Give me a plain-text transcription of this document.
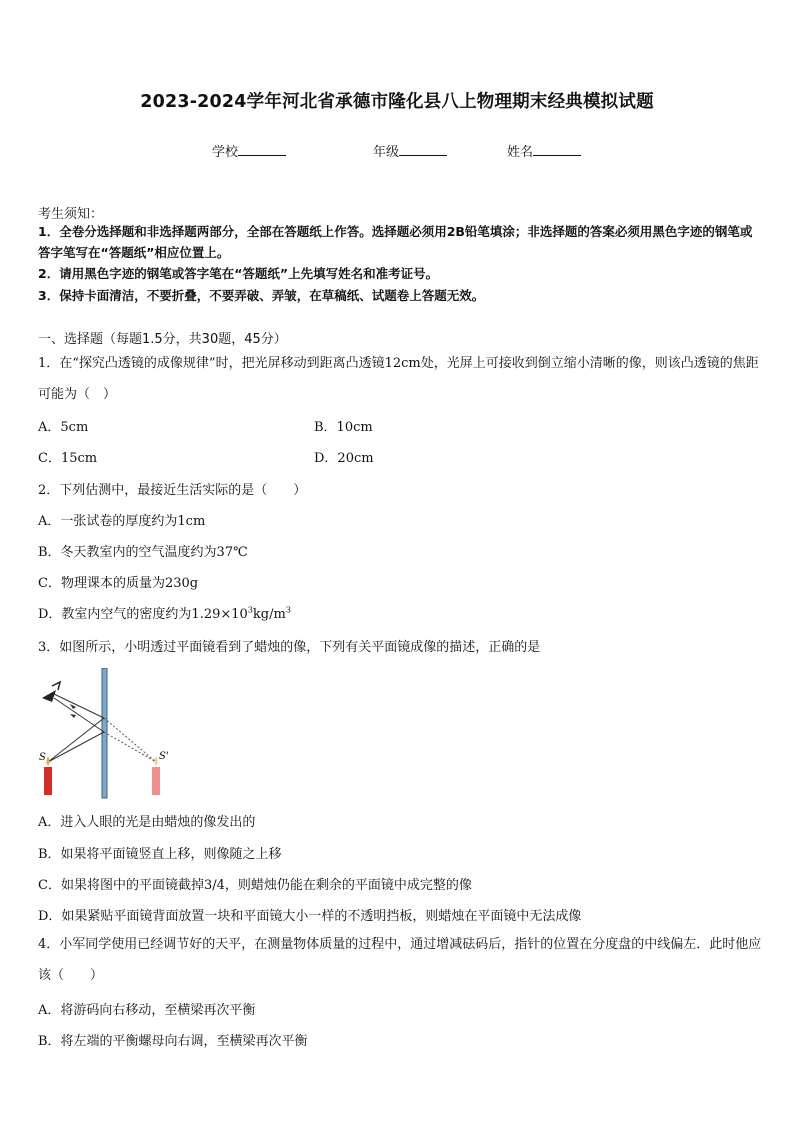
2023-2024学年河北省承德市隆化县八上物理期末经典模拟试题
学校	年级	姓名
考生须知：
1．全卷分选择题和非选择题两部分，全部在答题纸上作答。选择题必须用2B铅笔填涂；非选择题的答案必须用黑色字迹的钢笔或答字笔写在“答题纸”相应位置上。
2．请用黑色字迹的钢笔或答字笔在“答题纸”上先填写姓名和准考证号。
3．保持卡面清洁，不要折叠，不要弄破、弄皱，在草稿纸、试题卷上答题无效。
一、选择题（每题1.5分，共30题，45分）
1．在“探究凸透镜的成像规律”时，把光屏移动到距离凸透镜12cm处，光屏上可接收到倒立缩小清晰的像，则该凸透镜的焦距可能为（　）
A．5cm	B．10cm
C．15cm	D．20cm
2．下列估测中，最接近生活实际的是（　　）
A．一张试卷的厚度约为1cm
B．冬天教室内的空气温度约为37℃
C．物理课本的质量为230g
D．教室内空气的密度约为$1.29\times 10^3kg/m^3$
3．如图所示，小明透过平面镜看到了蜡烛的像，下列有关平面镜成像的描述，正确的是
S	S'
A．进入人眼的光是由蜡烛的像发出的
B．如果将平面镜竖直上移，则像随之上移
C．如果将图中的平面镜截掉3/4，则蜡烛仍能在剩余的平面镜中成完整的像
D．如果紧贴平面镜背面放置一块和平面镜大小一样的不透明挡板，则蜡烛在平面镜中无法成像
4．小军同学使用已经调节好的天平，在测量物体质量的过程中，通过增减砝码后，指针的位置在分度盘的中线偏左．此时他应该（　　）
A．将游码向右移动，至横梁再次平衡
B．将左端的平衡螺母向右调，至横梁再次平衡
